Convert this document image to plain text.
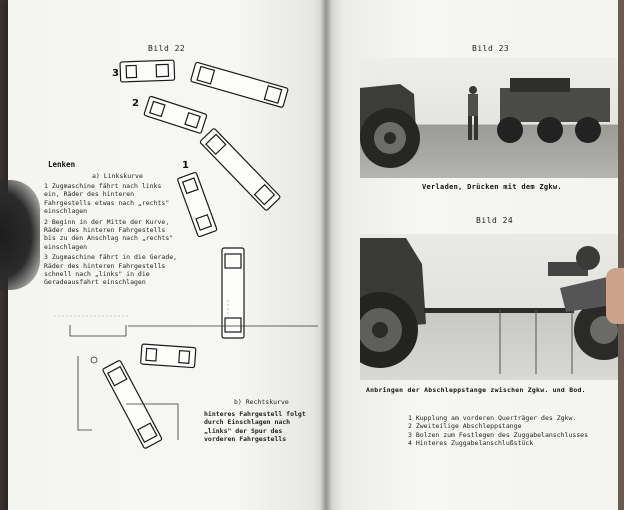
Bild 22
3
2
1
Lenken
a) Linkskurve
1 Zugmaschine fährt nach links ein, Räder des hinteren Fahrgestells etwas nach „rechts" einschlagen
2 Beginn in der Mitte der Kurve, Räder des hinteren Fahrgestells bis zu den Anschlag nach „rechts" einschlagen
3 Zugmaschine fährt in die Gerade, Räder des hinteren Fahrgestells schnell nach „links" in die Geradeausfahrt einschlagen
b) Rechtskurve
hinteres Fahrgestell folgt durch Einschlagen nach „links" der Spur des vorderen Fahrgestells
Bild 23
Verladen, Drücken mit dem Zgkw.
Bild 24
Anbringen der Abschleppstange zwischen Zgkw. und Bod.
1 Kupplung am vorderen Querträger des Zgkw.
2 Zweiteilige Abschleppstange
3 Bolzen zum Festlegen des Zuggabelanschlusses
4 Hinteres Zuggabelanschlußstück
